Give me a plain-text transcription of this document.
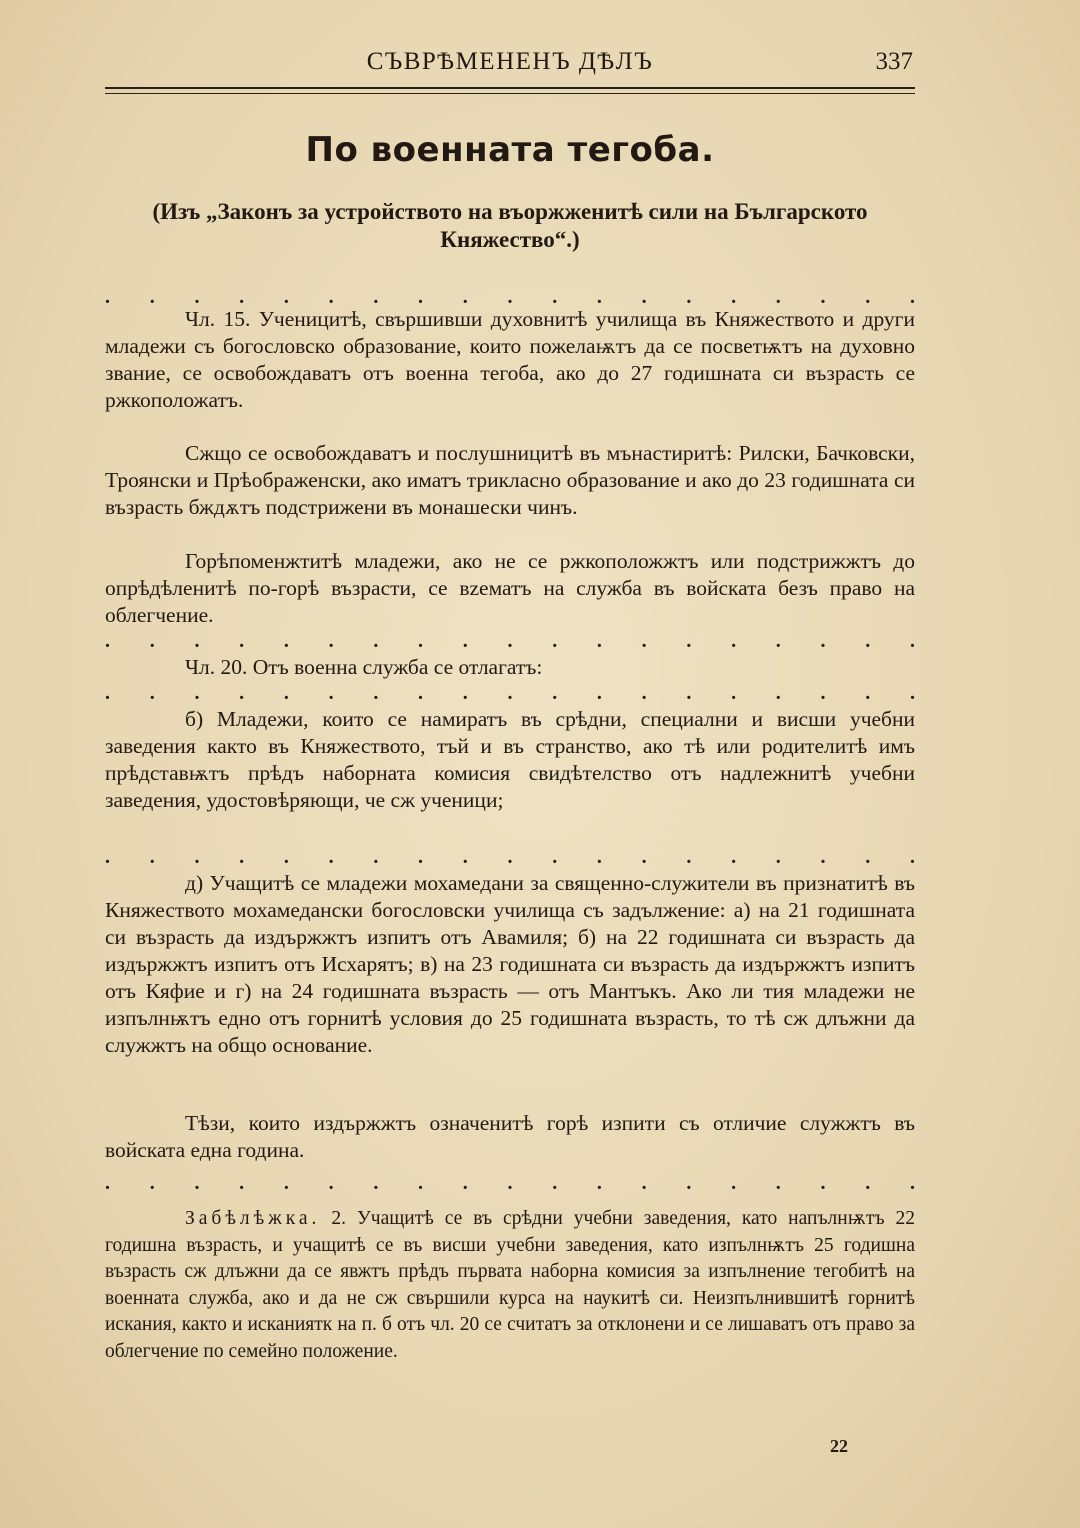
СЪВРѢМЕНЕНЪ ДѢЛЪ	337
По военната тегоба.
(Изъ „Законъ за устройството на въоржженитѣ сили на Българското Княжество“.)
. . . . . . . . . . . . . . . . . . .
Чл. 15. Ученицитѣ, свършивши духовнитѣ училища въ Княжеството и други младежи съ богословско образование, които пожелаѭтъ да се посветѭтъ на духовно звание, се освобождаватъ отъ военна тегоба, ако до 27 годишната си възрасть се ржкоположатъ.
Сжщо се освобождаватъ и послушницитѣ въ мънастиритѣ: Рилски, Бачковски, Троянски и Прѣображенски, ако иматъ трикласно образование и ако до 23 годишната си възрасть бждѫтъ подстрижени въ монашески чинъ.
Горѣпоменжтитѣ младежи, ако не се ржкоположжтъ или подстрижжтъ до опрѣдѣленитѣ по-горѣ възрасти, се вzематъ на служба въ войската безъ право на облегчение.
. . . . . . . . . . . . . . . . . . .
Чл. 20. Отъ военна служба се отлагатъ:
. . . . . . . . . . . . . . . . . . .
б) Младежи, които се намиратъ въ срѣдни, специални и висши учебни заведения както въ Княжеството, тъй и въ странство, ако тѣ или родителитѣ имъ прѣдставѭтъ прѣдъ наборната комисия свидѣтелство отъ надлежнитѣ учебни заведения, удостовѣряющи, че сж ученици;
. . . . . . . . . . . . . . . . . . .
д) Учащитѣ се младежи мохамедани за священно-служители въ признатитѣ въ Княжеството мохамедански богословски училища съ задължение: а) на 21 годишната си възрасть да издържжтъ изпитъ отъ Авамиля; б) на 22 годишната си възрасть да издържжтъ изпитъ отъ Исхарятъ; в) на 23 годишната си възрасть да издържжтъ изпитъ отъ Кяфие и г) на 24 годишната възрасть — отъ Мантъкъ. Ако ли тия младежи не изпълнѭтъ едно отъ горнитѣ условия до 25 годишната възрасть, то тѣ сж длъжни да служжтъ на общо основание.
Тѣзи, които издържжтъ означенитѣ горѣ изпити съ отличие служжтъ въ войската една година.
. . . . . . . . . . . . . . . . . . .
Забѣлѣжка. 2. Учащитѣ се въ срѣдни учебни заведения, като напълнѭтъ 22 годишна възрасть, и учащитѣ се въ висши учебни заведения, като изпълнѭтъ 25 годишна възрасть сж длъжни да се явжтъ прѣдъ първата наборна комисия за изпълнение тегобитѣ на военната служба, ако и да не сж свършили курса на наукитѣ си. Неизпълнившитѣ горнитѣ искания, както и исканиятк на п. б отъ чл. 20 се считатъ за отклонени и се лишаватъ отъ право за облегчение по семейно положение.
22
